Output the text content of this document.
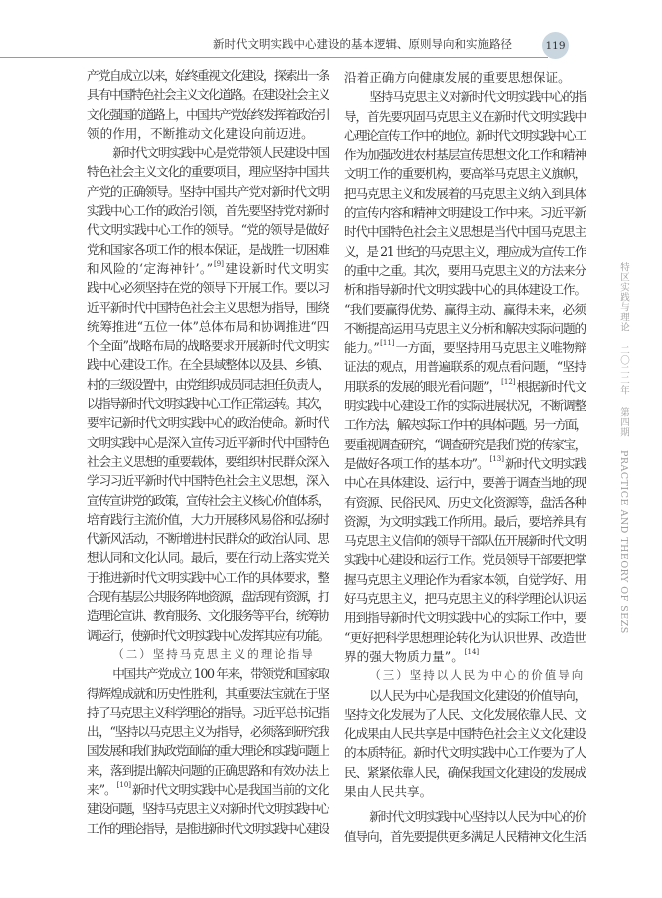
新时代文明实践中心建设的基本逻辑、原则导向和实施路径	119
产党自成立以来，始终重视文化建设，探索出一条
具有中国特色社会主义文化道路。在建设社会主义
文化强国的道路上，中国共产党始终发挥着政治引
领的作用，不断推动文化建设向前迈进。
新时代文明实践中心是党带领人民建设中国
特色社会主义文化的重要项目，理应坚持中国共
产党的正确领导。坚持中国共产党对新时代文明
实践中心工作的政治引领，首先要坚持党对新时
代文明实践中心工作的领导。“党的领导是做好
党和国家各项工作的根本保证，是战胜一切困难
和风险的‘定海神针’。”[9]建设新时代文明实
践中心必须坚持在党的领导下开展工作。要以习
近平新时代中国特色社会主义思想为指导，围绕
统筹推进“五位一体”总体布局和协调推进“四
个全面”战略布局的战略要求开展新时代文明实
践中心建设工作。在全县域整体以及县、乡镇、
村的三级设置中，由党组织成员同志担任负责人，
以指导新时代文明实践中心工作正常运转。其次，
要牢记新时代文明实践中心的政治使命。新时代
文明实践中心是深入宣传习近平新时代中国特色
社会主义思想的重要载体，要组织村民群众深入
学习习近平新时代中国特色社会主义思想，深入
宣传宣讲党的政策，宣传社会主义核心价值体系，
培育践行主流价值，大力开展移风易俗和弘扬时
代新风活动，不断增进村民群众的政治认同、思
想认同和文化认同。最后，要在行动上落实党关
于推进新时代文明实践中心工作的具体要求，整
合现有基层公共服务阵地资源，盘活现有资源，打
造理论宣讲、教育服务、文化服务等平台，统筹协
调运行，使新时代文明实践中心发挥其应有功能。
（二）坚持马克思主义的理论指导
中国共产党成立 100 年来，带领党和国家取
得辉煌成就和历史性胜利，其重要法宝就在于坚
持了马克思主义科学理论的指导。习近平总书记指
出，“坚持以马克思主义为指导，必须落到研究我
国发展和我们执政党面临的重大理论和实践问题上
来，落到提出解决问题的正确思路和有效办法上
来”。[10]新时代文明实践中心是我国当前的文化
建设问题，坚持马克思主义对新时代文明实践中心
工作的理论指导，是推进新时代文明实践中心建设
沿着正确方向健康发展的重要思想保证。
坚持马克思主义对新时代文明实践中心的指
导，首先要巩固马克思主义在新时代文明实践中
心理论宣传工作中的地位。新时代文明实践中心工
作为加强改进农村基层宣传思想文化工作和精神
文明工作的重要机构，要高举马克思主义旗帜，
把马克思主义和发展着的马克思主义纳入到具体
的宣传内容和精神文明建设工作中来。习近平新
时代中国特色社会主义思想是当代中国马克思主
义，是 21 世纪的马克思主义，理应成为宣传工作
的重中之重。其次，要用马克思主义的方法来分
析和指导新时代文明实践中心的具体建设工作。
“我们要赢得优势、赢得主动、赢得未来，必须
不断提高运用马克思主义分析和解决实际问题的
能力。”[11]一方面，要坚持用马克思主义唯物辩
证法的观点，用普遍联系的观点看问题，“坚持
用联系的发展的眼光看问题”，[12]根据新时代文
明实践中心建设工作的实际进展状况，不断调整
工作方法，解决实际工作中的具体问题。另一方面，
要重视调查研究，“调查研究是我们党的传家宝，
是做好各项工作的基本功”。[13]新时代文明实践
中心在具体建设、运行中，要善于调查当地的现
有资源、民俗民风、历史文化资源等，盘活各种
资源，为文明实践工作所用。最后，要培养具有
马克思主义信仰的领导干部队伍开展新时代文明
实践中心建设和运行工作。党员领导干部要把掌
握马克思主义理论作为看家本领，自觉学好、用
好马克思主义，把马克思主义的科学理论认识运
用到指导新时代文明实践中心的实际工作中，要
“更好把科学思想理论转化为认识世界、改造世
界的强大物质力量”。[14]
（三）坚持以人民为中心的价值导向
以人民为中心是我国文化建设的价值导向，
坚持文化发展为了人民、文化发展依靠人民、文
化成果由人民共享是中国特色社会主义文化建设
的本质特征。新时代文明实践中心工作要为了人
民、紧紧依靠人民，确保我国文化建设的发展成
果由人民共享。
新时代文明实践中心坚持以人民为中心的价
值导向，首先要提供更多满足人民精神文化生活
特区实践与理论 二〇二二年 第四期 PRACTICE AND THEORY OF SEZS
